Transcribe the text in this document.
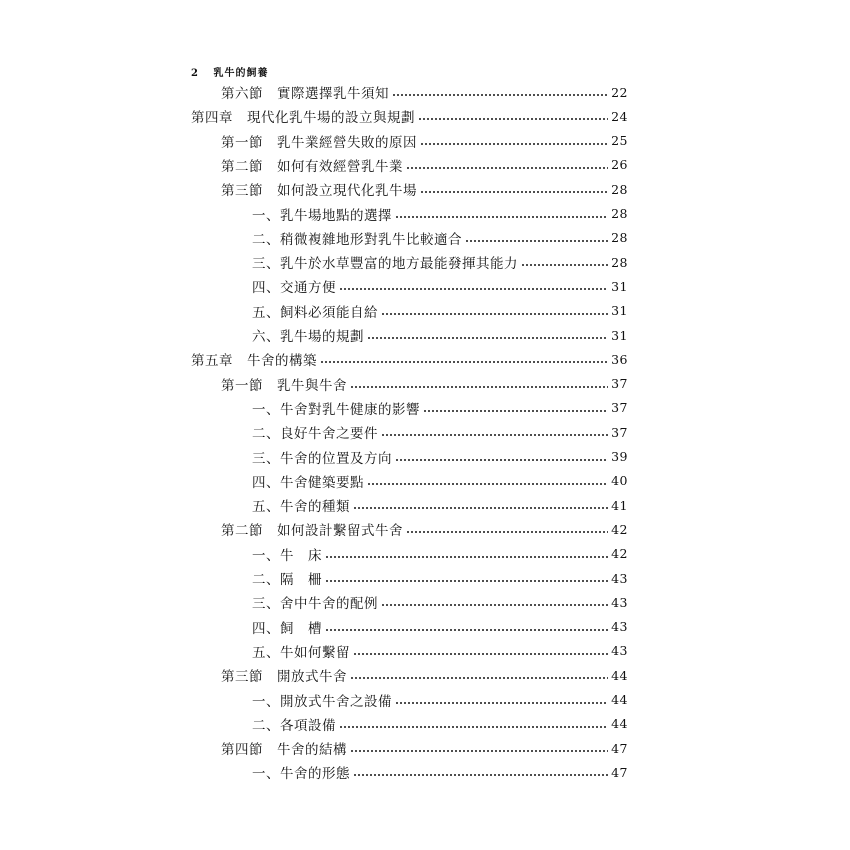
2 乳牛的飼養
第六節 實際選擇乳牛須知	22
第四章 現代化乳牛場的設立與規劃	24
第一節 乳牛業經營失敗的原因	25
第二節 如何有效經營乳牛業	26
第三節 如何設立現代化乳牛場	28
一、乳牛場地點的選擇	28
二、稍微複雜地形對乳牛比較適合	28
三、乳牛於水草豐富的地方最能發揮其能力	28
四、交通方便	31
五、飼料必須能自給	31
六、乳牛場的規劃	31
第五章 牛舍的構築	36
第一節 乳牛與牛舍	37
一、牛舍對乳牛健康的影響	37
二、良好牛舍之要件	37
三、牛舍的位置及方向	39
四、牛舍健築要點	40
五、牛舍的種類	41
第二節 如何設計繫留式牛舍	42
一、牛　床	42
二、隔　柵	43
三、舍中牛舍的配例	43
四、飼　槽	43
五、牛如何繫留	43
第三節 開放式牛舍	44
一、開放式牛舍之設備	44
二、各項設備	44
第四節 牛舍的結構	47
一、牛舍的形態	47
